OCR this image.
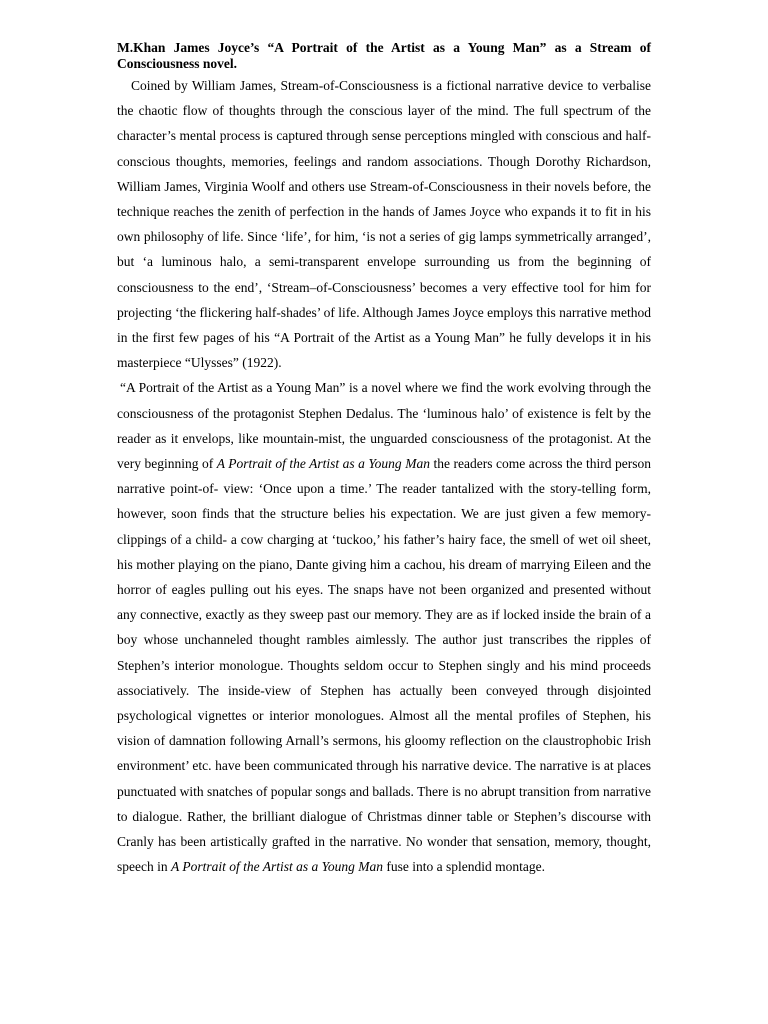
M.Khan James Joyce’s “A Portrait of the Artist as a Young Man” as a Stream of Consciousness novel.

Coined by William James, Stream-of-Consciousness is a fictional narrative device to verbalise the chaotic flow of thoughts through the conscious layer of the mind. The full spectrum of the character’s mental process is captured through sense perceptions mingled with conscious and half-conscious thoughts, memories, feelings and random associations. Though Dorothy Richardson, William James, Virginia Woolf and others use Stream-of-Consciousness in their novels before, the technique reaches the zenith of perfection in the hands of James Joyce who expands it to fit in his own philosophy of life. Since ‘life’, for him, ‘is not a series of gig lamps symmetrically arranged’, but ‘a luminous halo, a semi-transparent envelope surrounding us from the beginning of consciousness to the end’, ‘Stream–of-Consciousness’ becomes a very effective tool for him for projecting ‘the flickering half-shades’ of life. Although James Joyce employs this narrative method in the first few pages of his “A Portrait of the Artist as a Young Man” he fully develops it in his masterpiece “Ulysses” (1922).

“A Portrait of the Artist as a Young Man” is a novel where we find the work evolving through the consciousness of the protagonist Stephen Dedalus. The ‘luminous halo’ of existence is felt by the reader as it envelops, like mountain-mist, the unguarded consciousness of the protagonist. At the very beginning of A Portrait of the Artist as a Young Man the readers come across the third person narrative point-of- view: ‘Once upon a time.’ The reader tantalized with the story-telling form, however, soon finds that the structure belies his expectation. We are just given a few memory-clippings of a child- a cow charging at ‘tuckoo,’ his father’s hairy face, the smell of wet oil sheet, his mother playing on the piano, Dante giving him a cachou, his dream of marrying Eileen and the horror of eagles pulling out his eyes. The snaps have not been organized and presented without any connective, exactly as they sweep past our memory. They are as if locked inside the brain of a boy whose unchanneled thought rambles aimlessly. The author just transcribes the ripples of Stephen’s interior monologue. Thoughts seldom occur to Stephen singly and his mind proceeds associatively. The inside-view of Stephen has actually been conveyed through disjointed psychological vignettes or interior monologues. Almost all the mental profiles of Stephen, his vision of damnation following Arnall’s sermons, his gloomy reflection on the claustrophobic Irish environment’ etc. have been communicated through his narrative device. The narrative is at places punctuated with snatches of popular songs and ballads. There is no abrupt transition from narrative to dialogue. Rather, the brilliant dialogue of Christmas dinner table or Stephen’s discourse with Cranly has been artistically grafted in the narrative. No wonder that sensation, memory, thought, speech in A Portrait of the Artist as a Young Man fuse into a splendid montage.
